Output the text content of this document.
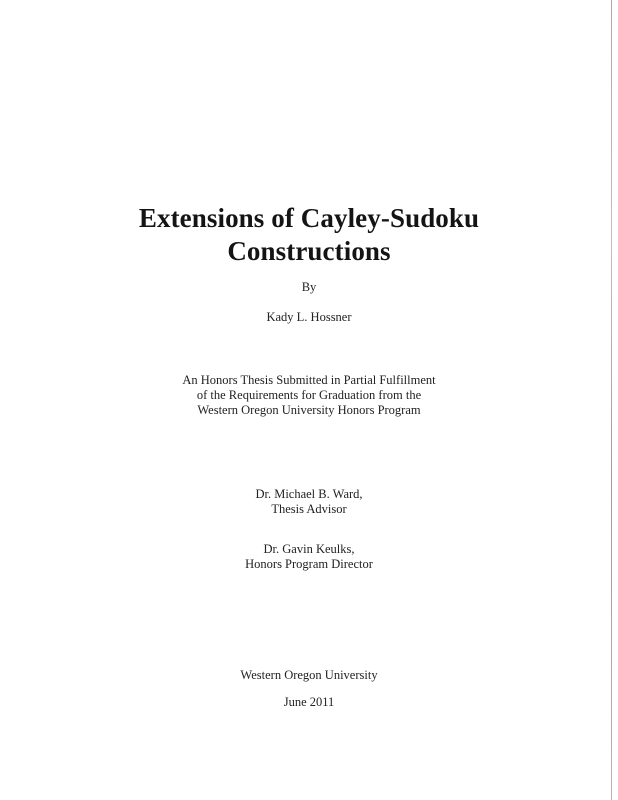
Extensions of Cayley-Sudoku
Constructions
By
Kady L. Hossner
An Honors Thesis Submitted in Partial Fulfillment
of the Requirements for Graduation from the
Western Oregon University Honors Program
Dr. Michael B. Ward,
Thesis Advisor
Dr. Gavin Keulks,
Honors Program Director
Western Oregon University
June 2011
